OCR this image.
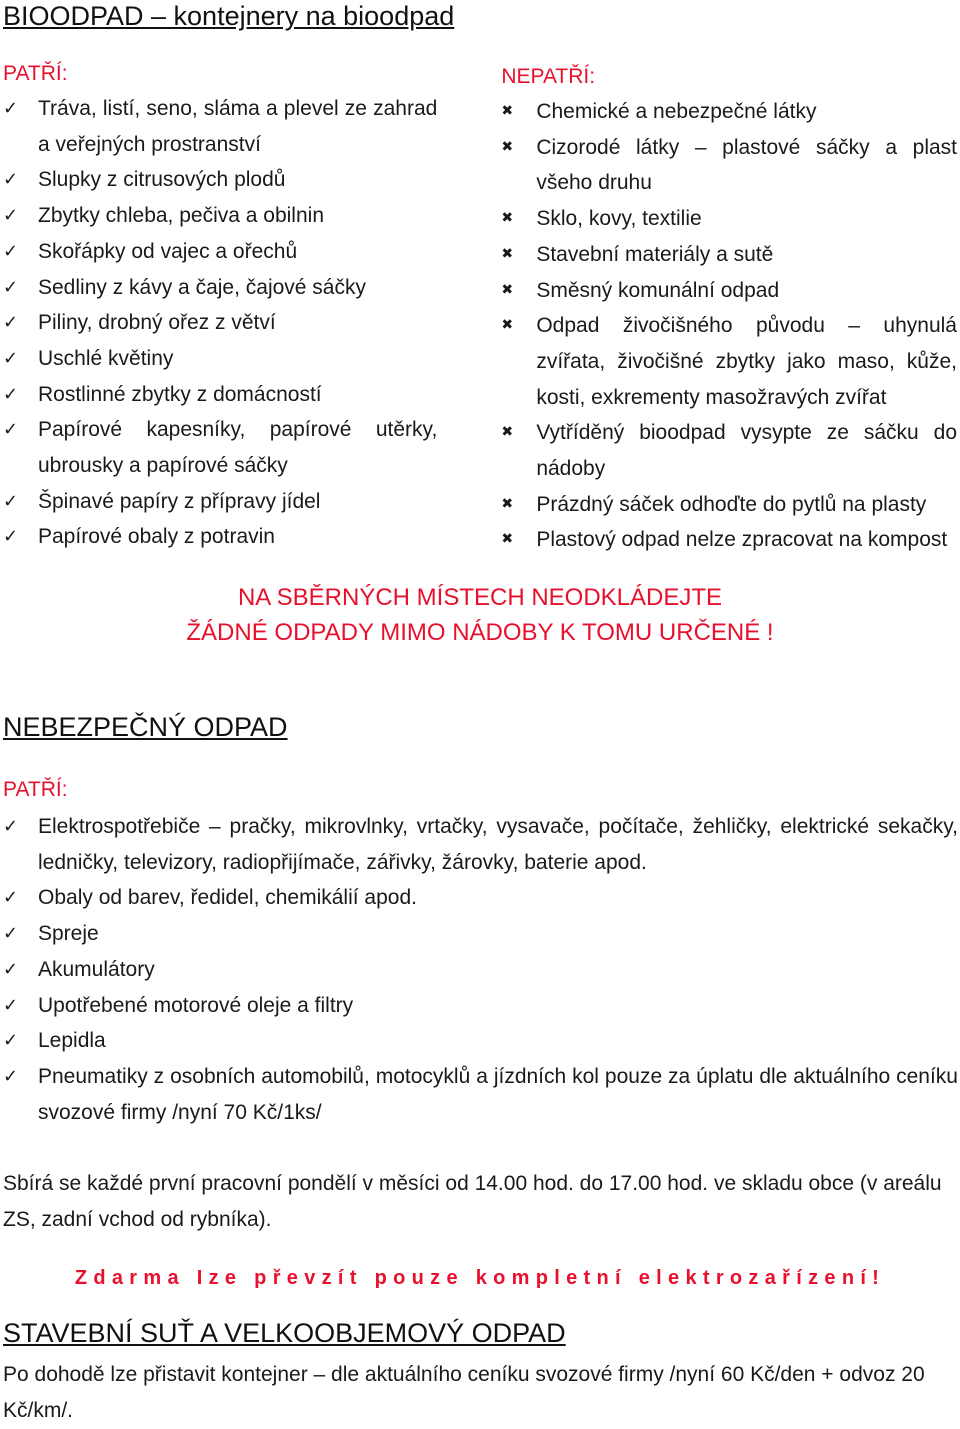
BIOODPAD – kontejnery na bioodpad
PATŘÍ:
✓ Tráva, listí, seno, sláma a plevel ze zahrad a veřejných prostranství
✓ Slupky z citrusových plodů
✓ Zbytky chleba, pečiva a obilnin
✓ Skořápky od vajec a ořechů
✓ Sedliny z kávy a čaje, čajové sáčky
✓ Piliny, drobný ořez z větví
✓ Uschlé květiny
✓ Rostlinné zbytky z domácností
✓ Papírové kapesníky, papírové utěrky, ubrousky a papírové sáčky
✓ Špinavé papíry z přípravy jídel
✓ Papírové obaly z potravin
NEPATŘÍ:
✖	Chemické a nebezpečné látky
✖	Cizorodé látky – plastové sáčky a plast všeho druhu
✖	Sklo, kovy, textilie
✖	Stavební materiály a sutě
✖	Směsný komunální odpad
✖	Odpad živočišného původu – uhynulá zvířata, živočišné zbytky jako maso, kůže, kosti, exkrementy masožravých zvířat
✖	Vytříděný bioodpad vysypte ze sáčku do nádoby
✖	Prázdný sáček odhoďte do pytlů na plasty
✖	Plastový odpad nelze zpracovat na kompost
NA SBĚRNÝCH MÍSTECH NEODKLÁDEJTE
ŽÁDNÉ ODPADY MIMO NÁDOBY K TOMU URČENÉ !
NEBEZPEČNÝ ODPAD
PATŘÍ:
✓ Elektrospotřebiče – pračky, mikrovlnky, vrtačky, vysavače, počítače, žehličky, elektrické sekačky, ledničky, televizory, radiopřijímače, zářivky, žárovky, baterie apod.
✓ Obaly od barev, ředidel, chemikálií apod.
✓ Spreje
✓ Akumulátory
✓ Upotřebené motorové oleje a filtry
✓ Lepidla
✓ Pneumatiky z osobních automobilů, motocyklů a jízdních kol pouze za úplatu dle aktuálního ceníku svozové firmy /nyní 70 Kč/1ks/
Sbírá se každé první pracovní pondělí v měsíci od 14.00 hod. do 17.00 hod. ve skladu obce (v areálu ZS, zadní vchod od rybníka).
Zdarma Ize převzít pouze kompletní elektrozařízení!
STAVEBNÍ SUŤ A VELKOOBJEMOVÝ ODPAD
Po dohodě lze přistavit kontejner – dle aktuálního ceníku svozové firmy /nyní 60 Kč/den + odvoz 20 Kč/km/.
